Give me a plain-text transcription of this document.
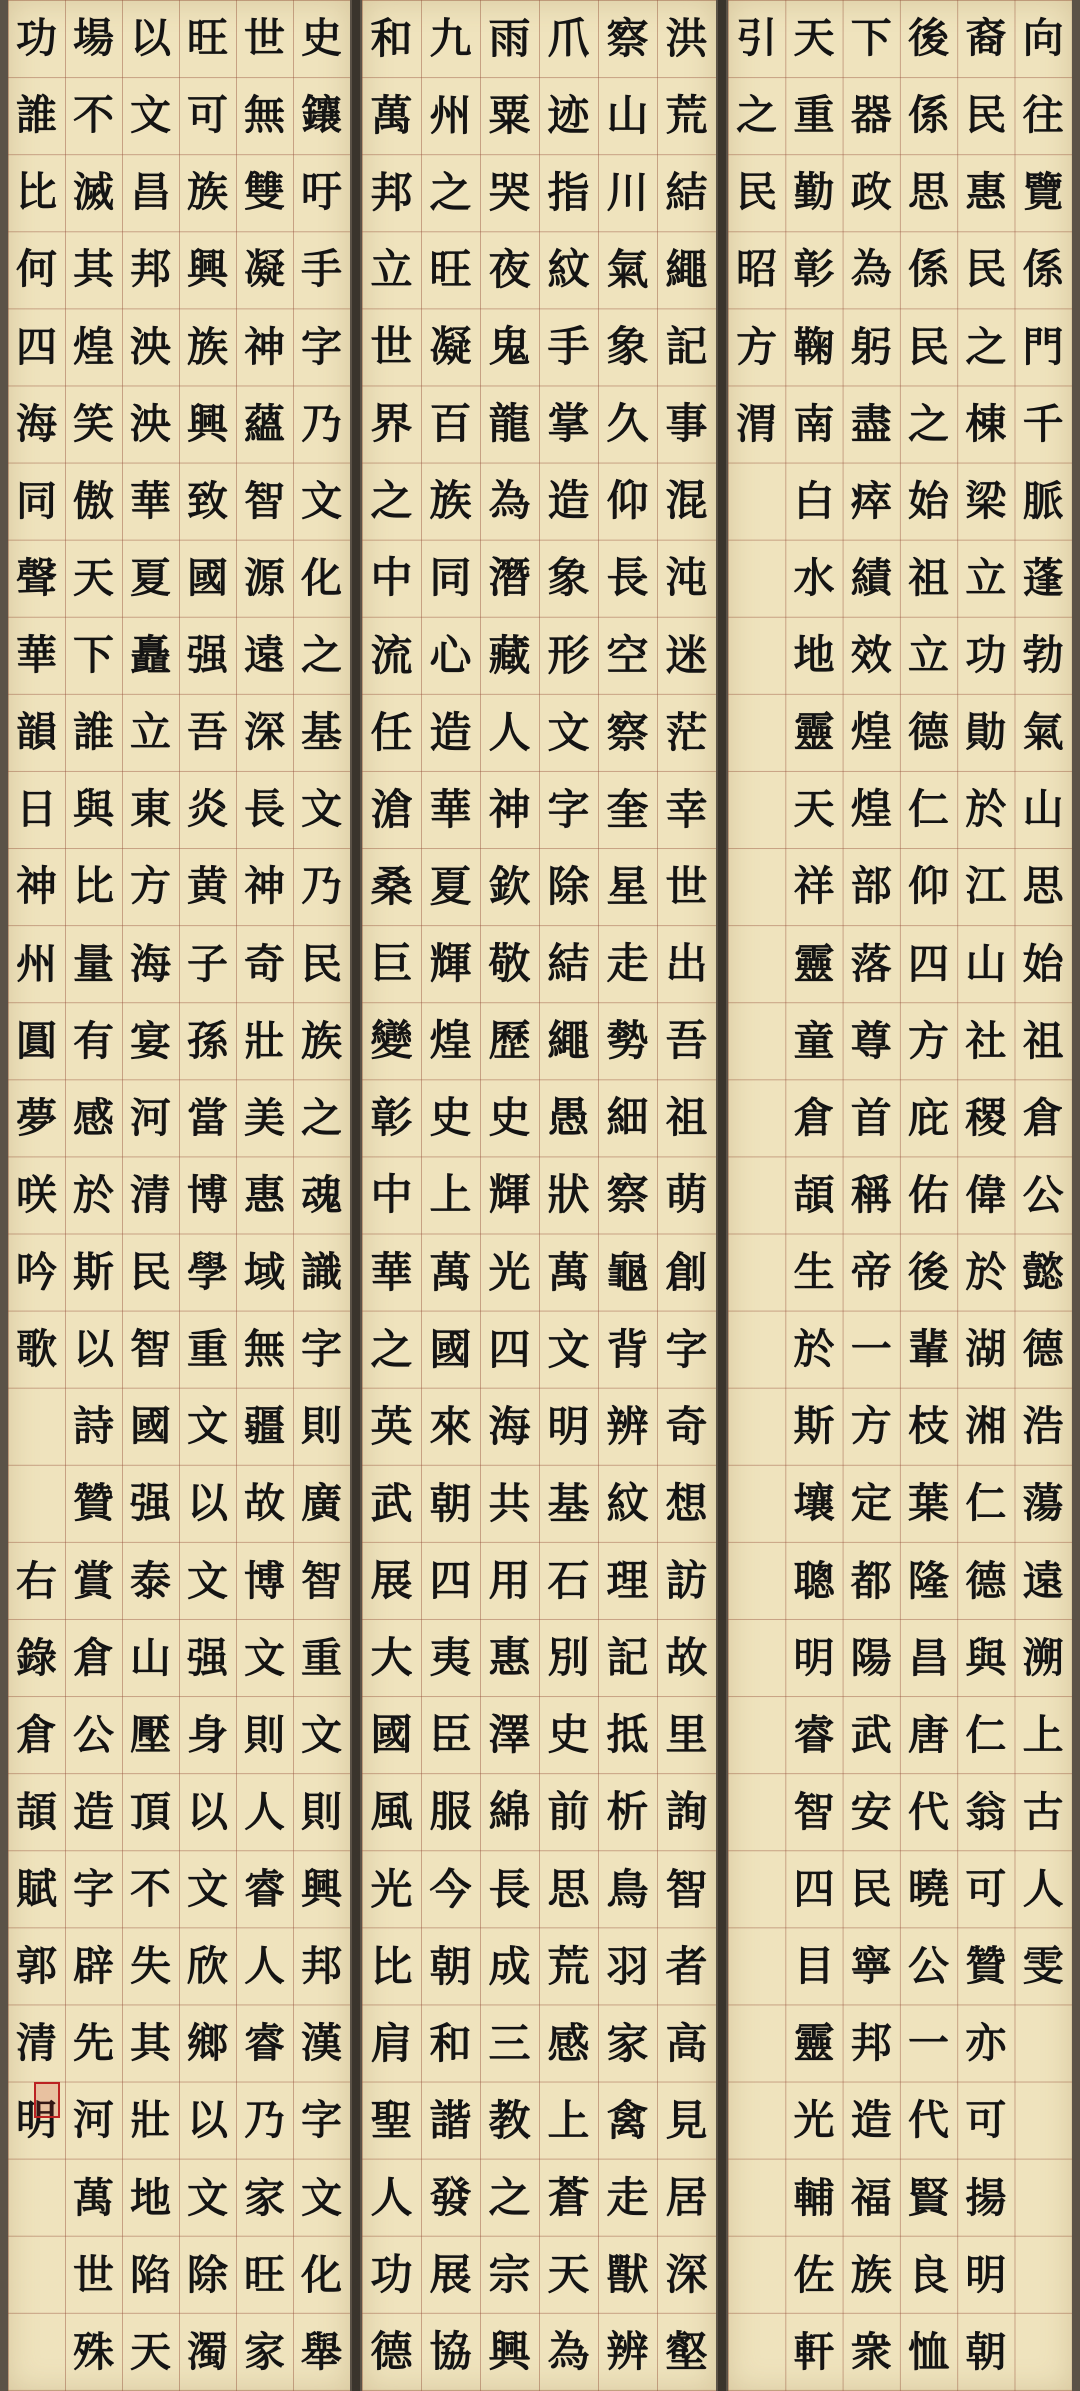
史
鑲
吁
手
字
乃
文
化
之
基
文
乃
民
族
之
魂
識
字
則
廣
智
重
文
則
興
邦
漢
字
文
化
舉
世
無
雙
凝
神
蘊
智
源
遠
深
長
神
奇
壯
美
惠
域
無
疆
故
博
文
則
人
睿
人
睿
乃
家
旺
家
旺
可
族
興
族
興
致
國
强
吾
炎
黄
子
孫
當
博
學
重
文
以
文
强
身
以
文
欣
鄉
以
文
除
濁
以
文
昌
邦
泱
泱
華
夏
矗
立
東
方
海
宴
河
清
民
智
國
强
泰
山
壓
頂
不
失
其
壯
地
陷
天
場
不
滅
其
煌
笑
傲
天
下
誰
與
比
量
有
感
於
斯
以
詩
贊
賞
倉
公
造
字
辟
先
河
萬
世
殊
功
誰
比
何
四
海
同
聲
華
韻
日
神
州
圓
夢
咲
吟
歌
右
錄
倉
頡
賦
郭
清
明
洪
荒
結
繩
記
事
混
沌
迷
茫
幸
世
出
吾
祖
萌
創
字
奇
想
訪
故
里
詢
智
者
高
見
居
深
壑
察
山
川
氣
象
久
仰
長
空
察
奎
星
走
勢
細
察
龜
背
辨
紋
理
記
抵
析
鳥
羽
家
禽
走
獸
辨
爪
迹
指
紋
手
掌
造
象
形
文
字
除
結
繩
愚
狀
萬
文
明
基
石
別
史
前
思
荒
感
上
蒼
天
為
雨
粟
哭
夜
鬼
龍
為
潛
藏
人
神
欽
敬
歷
史
輝
光
四
海
共
用
惠
澤
綿
長
成
三
教
之
宗
興
九
州
之
旺
凝
百
族
同
心
造
華
夏
輝
煌
史
上
萬
國
來
朝
四
夷
臣
服
今
朝
和
諧
發
展
協
和
萬
邦
立
世
界
之
中
流
任
滄
桑
巨
變
彰
中
華
之
英
武
展
大
國
風
光
比
肩
聖
人
功
德
引
之
民
昭
方
渭
天
重
勤
彰
鞠
南
白
水
地
靈
天
祥
靈
童
倉
頡
生
於
斯
壤
聰
明
睿
智
四
目
靈
光
輔
佐
軒
下
器
政
為
躬
盡
瘁
績
效
煌
煌
部
落
尊
首
稱
帝
一
方
定
都
陽
武
安
民
寧
邦
造
福
族
衆
後
係
思
係
民
之
始
祖
立
德
仁
仰
四
方
庇
佑
後
輩
枝
葉
隆
昌
唐
代
曉
公
一
代
賢
良
恤
裔
民
惠
民
之
棟
梁
立
功
勛
於
江
山
社
稷
偉
於
湖
湘
仁
德
與
仁
翁
可
贊
亦
可
揚
明
朝
向
往
覽
係
門
千
脈
蓬
勃
氣
山
思
始
祖
倉
公
懿
德
浩
蕩
遠
溯
上
古
人
雯
